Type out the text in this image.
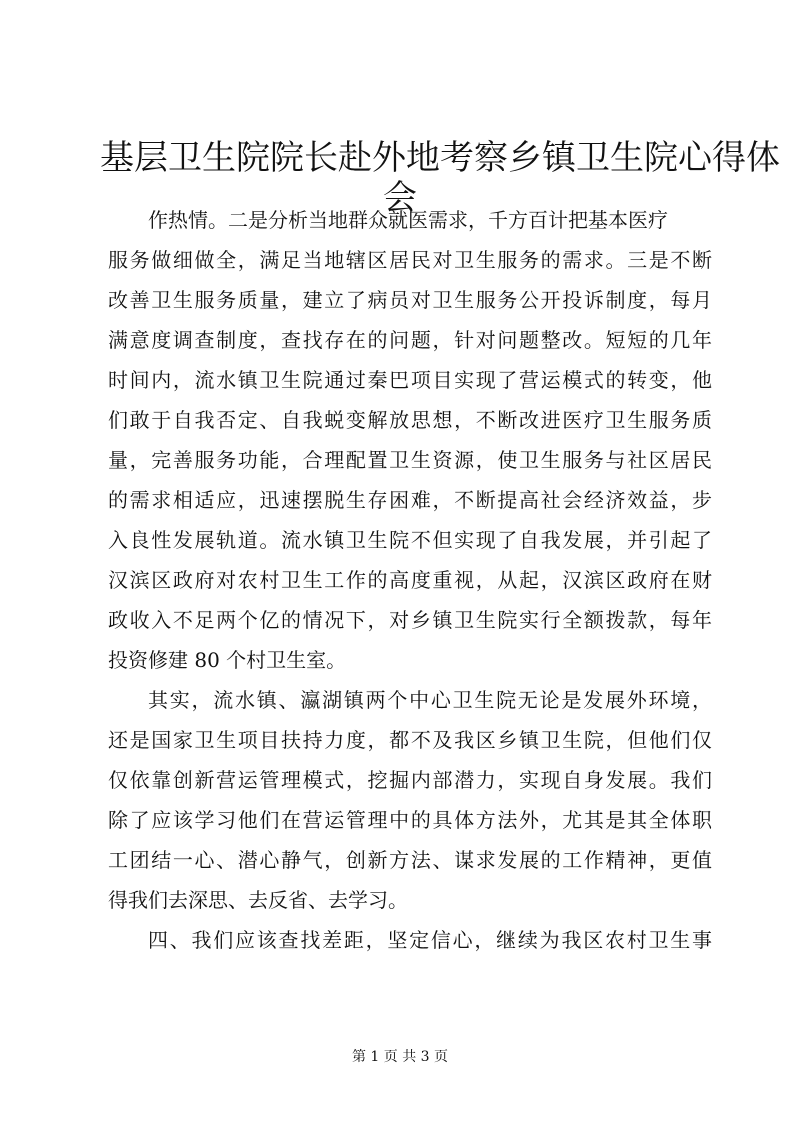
基层卫生院院长赴外地考察乡镇卫生院心得体
会
作热情。二是分析当地群众就医需求，千方百计把基本医疗
服务做细做全，满足当地辖区居民对卫生服务的需求。三是不断
改善卫生服务质量，建立了病员对卫生服务公开投诉制度，每月
满意度调查制度，查找存在的问题，针对问题整改。短短的几年
时间内，流水镇卫生院通过秦巴项目实现了营运模式的转变，他
们敢于自我否定、自我蜕变解放思想，不断改进医疗卫生服务质
量，完善服务功能，合理配置卫生资源，使卫生服务与社区居民
的需求相适应，迅速摆脱生存困难，不断提高社会经济效益，步
入良性发展轨道。流水镇卫生院不但实现了自我发展，并引起了
汉滨区政府对农村卫生工作的高度重视，从起，汉滨区政府在财
政收入不足两个亿的情况下，对乡镇卫生院实行全额拨款，每年
投资修建 80 个村卫生室。
其实，流水镇、瀛湖镇两个中心卫生院无论是发展外环境，
还是国家卫生项目扶持力度，都不及我区乡镇卫生院，但他们仅
仅依靠创新营运管理模式，挖掘内部潜力，实现自身发展。我们
除了应该学习他们在营运管理中的具体方法外，尤其是其全体职
工团结一心、潜心静气，创新方法、谋求发展的工作精神，更值
得我们去深思、去反省、去学习。
四、我们应该查找差距，坚定信心，继续为我区农村卫生事
第 1 页 共 3 页
